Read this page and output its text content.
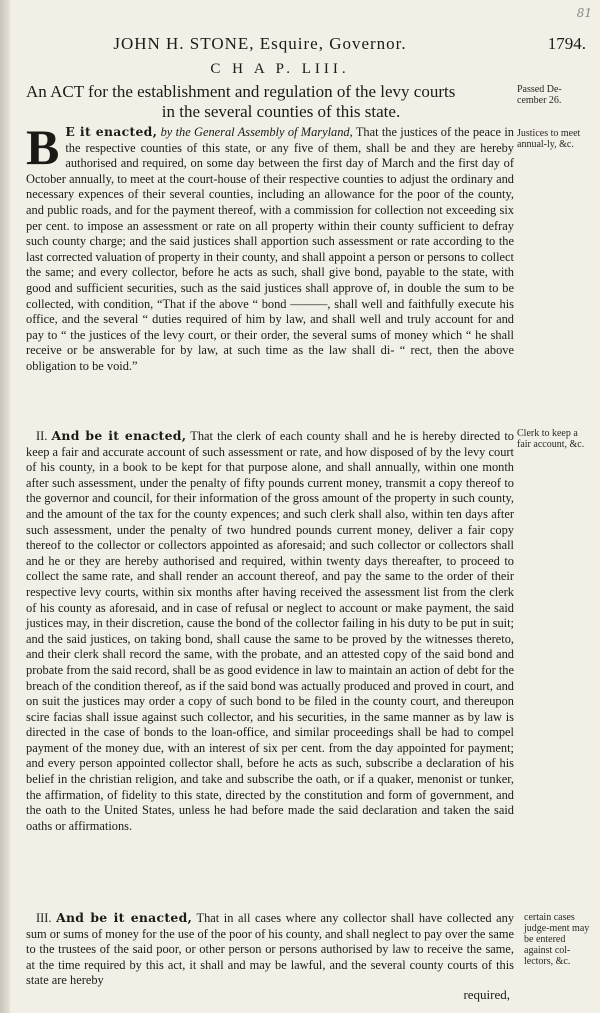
81
JOHN H. STONE, Esquire, Governor.	1794.
C H A P. LIII.
An ACT for the establishment and regulation of the levy courts
in the several counties of this state.
Passed De-cember 26.
Justices to meet annual-ly, &c.
Clerk to keep a fair account, &c.
certain cases judge-ment may be entered against col-lectors, &c.
B E it enacted, by the General Assembly of Maryland, That the justices of the peace in the respective counties of this state, or any five of them, shall be and they are hereby authorised and required, on some day between the first day of March and the first day of October annually, to meet at the court-house of their respective counties to adjust the ordinary and necessary expences of their several counties, including an allowance for the poor of the county, and public roads, and for the payment thereof, with a commission for collection not exceeding six per cent. to impose an assessment or rate on all property within their county sufficient to defray such county charge; and the said justices shall apportion such assessment or rate according to the last corrected valuation of property in their county, and shall appoint a person or persons to collect the same; and every collector, before he acts as such, shall give bond, payable to the state, with good and sufficient securities, such as the said justices shall approve of, in double the sum to be collected, with condition, “That if the above “ bond ———, shall well and faithfully execute his office, and the several “ duties required of him by law, and shall well and truly account for and pay to “ the justices of the levy court, or their order, the several sums of money which “ he shall receive or be answerable for by law, at such time as the law shall di- “ rect, then the above obligation to be void.”
II. And be it enacted, That the clerk of each county shall and he is hereby directed to keep a fair and accurate account of such assessment or rate, and how disposed of by the levy court of his county, in a book to be kept for that purpose alone, and shall annually, within one month after such assessment, under the penalty of fifty pounds current money, transmit a copy thereof to the governor and council, for their information of the gross amount of the property in such county, and the amount of the tax for the county expences; and such clerk shall also, within ten days after such assessment, under the penalty of two hundred pounds current money, deliver a fair copy thereof to the collector or collectors appointed as aforesaid; and such collector or collectors shall and he or they are hereby authorised and required, within twenty days thereafter, to proceed to collect the same rate, and shall render an account thereof, and pay the same to the order of their respective levy courts, within six months after having received the assessment list from the clerk of his county as aforesaid, and in case of refusal or neglect to account or make payment, the said justices may, in their discretion, cause the bond of the collector failing in his duty to be put in suit; and the said justices, on taking bond, shall cause the same to be proved by the witnesses thereto, and their clerk shall record the same, with the probate, and an attested copy of the said bond and probate from the said record, shall be as good evidence in law to maintain an action of debt for the breach of the condition thereof, as if the said bond was actually produced and proved in court, and on suit the justices may order a copy of such bond to be filed in the county court, and thereupon scire facias shall issue against such collector, and his securities, in the same manner as by law is directed in the case of bonds to the loan-office, and similar proceedings shall be had to compel payment of the money due, with an interest of six per cent. from the day appointed for payment; and every person appointed collector shall, before he acts as such, subscribe a declaration of his belief in the christian religion, and take and subscribe the oath, or if a quaker, menonist or tunker, the affirmation, of fidelity to this state, directed by the constitution and form of government, and the oath to the United States, unless he had before made the said declaration and taken the said oaths or affirmations.
III. And be it enacted, That in all cases where any collector shall have collected any sum or sums of money for the use of the poor of his county, and shall neglect to pay over the same to the trustees of the said poor, or other person or persons authorised by law to receive the same, at the time required by this act, it shall and may be lawful, and the several county courts of this state are hereby
required,
